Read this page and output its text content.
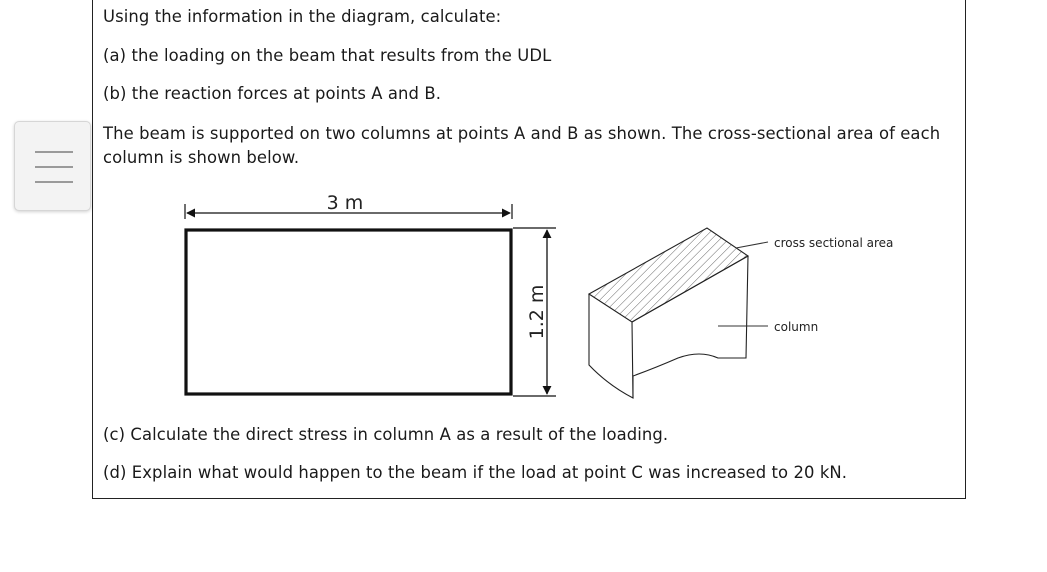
Using the information in the diagram, calculate:
(a) the loading on the beam that results from the UDL
(b) the reaction forces at points A and B.
The beam is supported on two columns at points A and B as shown. The cross-sectional area of each column is shown below.
3 m
1.2 m
cross sectional area
column
(c) Calculate the direct stress in column A as a result of the loading.
(d) Explain what would happen to the beam if the load at point C was increased to 20 kN.
